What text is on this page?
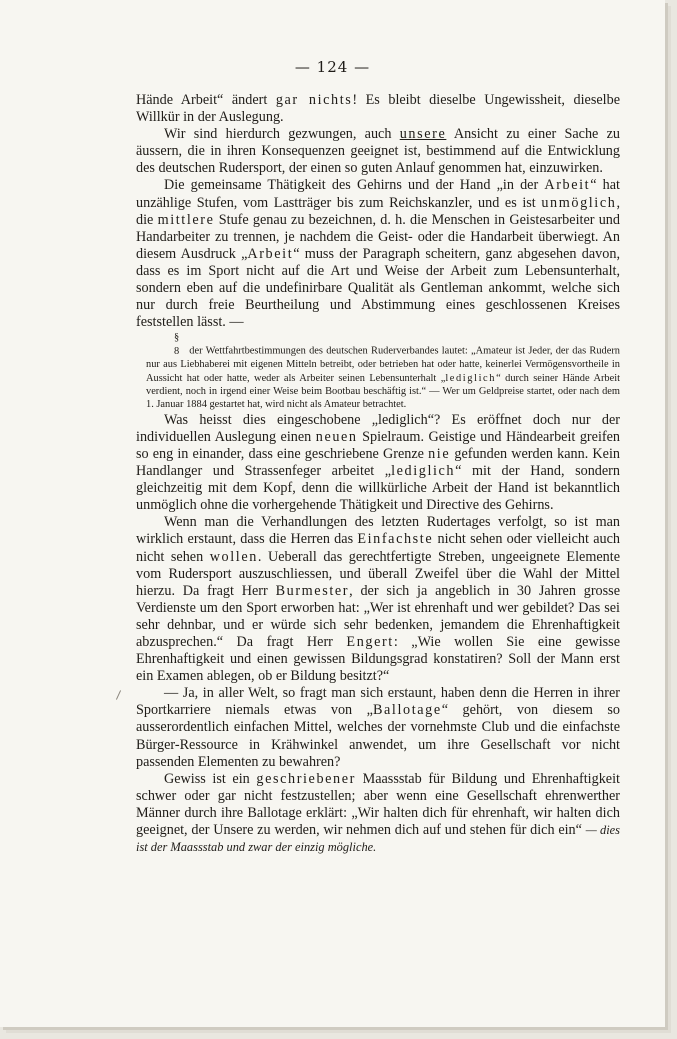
— 124 —

Hände Arbeit“ ändert gar nichts! Es bleibt dieselbe Ungewissheit, dieselbe Willkür in der Auslegung.

Wir sind hierdurch gezwungen, auch unsere Ansicht zu einer Sache zu äussern, die in ihren Konsequenzen geeignet ist, bestimmend auf die Entwicklung des deutschen Rudersport, der einen so guten Anlauf genommen hat, einzuwirken.

Die gemeinsame Thätigkeit des Gehirns und der Hand „in der Arbeit“ hat unzählige Stufen, vom Lastträger bis zum Reichskanzler, und es ist unmöglich, die mittlere Stufe genau zu bezeichnen, d. h. die Menschen in Geistesarbeiter und Handarbeiter zu trennen, je nachdem die Geist- oder die Handarbeit überwiegt. An diesem Ausdruck „Arbeit“ muss der Paragraph scheitern, ganz abgesehen davon, dass es im Sport nicht auf die Art und Weise der Arbeit zum Lebensunterhalt, sondern eben auf die undefinirbare Qualität als Gentleman ankommt, welche sich nur durch freie Beurtheilung und Abstimmung eines geschlossenen Kreises feststellen lässt. —

§ 8 der Wettfahrtbestimmungen des deutschen Ruderverbandes lautet: „Amateur ist Jeder, der das Rudern nur aus Liebhaberei mit eigenen Mitteln betreibt, oder betrieben hat oder hatte, keinerlei Vermögensvortheile in Aussicht hat oder hatte, weder als Arbeiter seinen Lebensunterhalt „lediglich“ durch seiner Hände Arbeit verdient, noch in irgend einer Weise beim Bootbau beschäftig ist.“ — Wer um Geldpreise startet, oder nach dem 1. Januar 1884 gestartet hat, wird nicht als Amateur betrachtet.

Was heisst dies eingeschobene „lediglich“? Es eröffnet doch nur der individuellen Auslegung einen neuen Spielraum. Geistige und Händearbeit greifen so eng in einander, dass eine geschriebene Grenze nie gefunden werden kann. Kein Handlanger und Strassenfeger arbeitet „lediglich“ mit der Hand, sondern gleichzeitig mit dem Kopf, denn die willkürliche Arbeit der Hand ist bekanntlich unmöglich ohne die vorhergehende Thätigkeit und Directive des Gehirns.

Wenn man die Verhandlungen des letzten Rudertages verfolgt, so ist man wirklich erstaunt, dass die Herren das Einfachste nicht sehen oder vielleicht auch nicht sehen wollen. Ueberall das gerechtfertigte Streben, ungeeignete Elemente vom Rudersport auszuschliessen, und überall Zweifel über die Wahl der Mittel hierzu. Da fragt Herr Burmester, der sich ja angeblich in 30 Jahren grosse Verdienste um den Sport erworben hat: „Wer ist ehrenhaft und wer gebildet? Das sei sehr dehnbar, und er würde sich sehr bedenken, jemandem die Ehrenhaftigkeit abzusprechen.“ Da fragt Herr Engert: „Wie wollen Sie eine gewisse Ehrenhaftigkeit und einen gewissen Bildungsgrad konstatiren? Soll der Mann erst ein Examen ablegen, ob er Bildung besitzt?“

— Ja, in aller Welt, so fragt man sich erstaunt, haben denn die Herren in ihrer Sportkarriere niemals etwas von „Ballotage“ gehört, von diesem so ausserordentlich einfachen Mittel, welches der vornehmste Club und die einfachste Bürger-Ressource in Krähwinkel anwendet, um ihre Gesellschaft vor nicht passenden Elementen zu bewahren?

Gewiss ist ein geschriebener Maassstab für Bildung und Ehrenhaftigkeit schwer oder gar nicht festzustellen; aber wenn eine Gesellschaft ehrenwerther Männer durch ihre Ballotage erklärt: „Wir halten dich für ehrenhaft, wir halten dich geeignet, der Unsere zu werden, wir nehmen dich auf und stehen für dich ein“ — dies ist der Maassstab und zwar der einzig mögliche.
